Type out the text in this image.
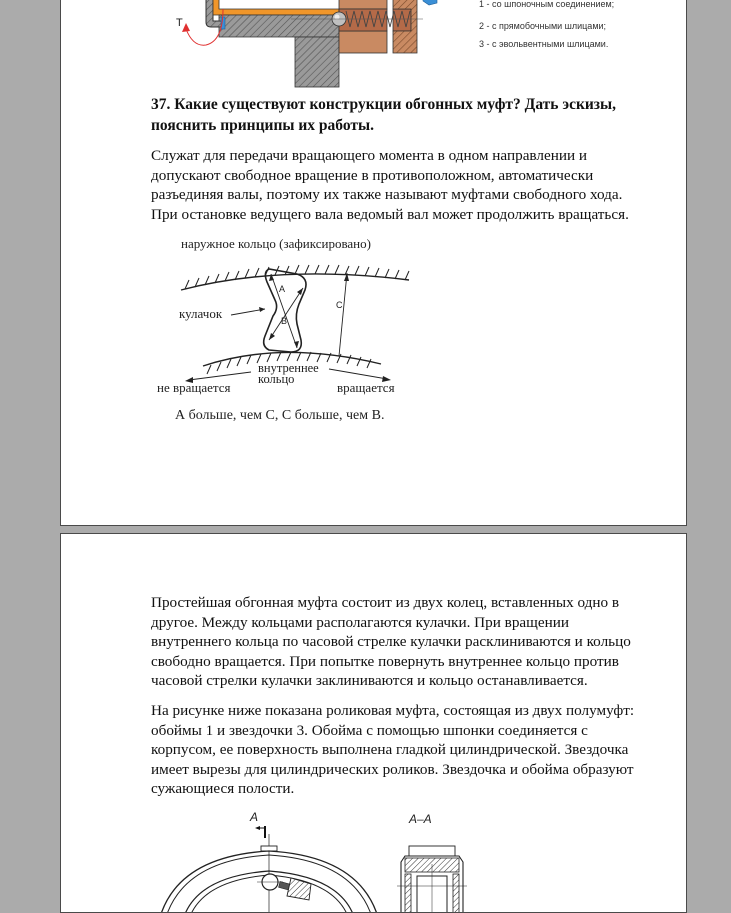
T
1 - со шпоночным соединением;
2 - с прямобочными шлицами;
3 - с эвольвентными шлицами.
37. Какие существуют конструкции обгонных муфт? Дать эскизы, пояснить принципы их работы.

Служат для передачи вращающего момента в одном направлении и допускают свободное вращение в противоположном, автоматически разъединяя валы, поэтому их также называют муфтами свободного хода. При остановке ведущего вала ведомый вал может продолжить вращаться.

наружное кольцо (зафиксировано)
A
B
C
кулачок
внутреннее
кольцо
не вращается	вращается
А больше, чем С, С больше, чем В.

Простейшая обгонная муфта состоит из двух колец, вставленных одно в другое. Между кольцами располагаются кулачки. При вращении внутреннего кольца по часовой стрелке кулачки расклиниваются и кольцо свободно вращается. При попытке повернуть внутреннее кольцо против часовой стрелки кулачки заклиниваются и кольцо останавливается.

На рисунке ниже показана роликовая муфта, состоящая из двух полумуфт: обоймы 1 и звездочки 3. Обойма с помощью шпонки соединяется с корпусом, ее поверхность выполнена гладкой цилиндрической. Звездочка имеет вырезы для цилиндрических роликов. Звездочка и обойма образуют сужающиеся полости.

A	A–A
